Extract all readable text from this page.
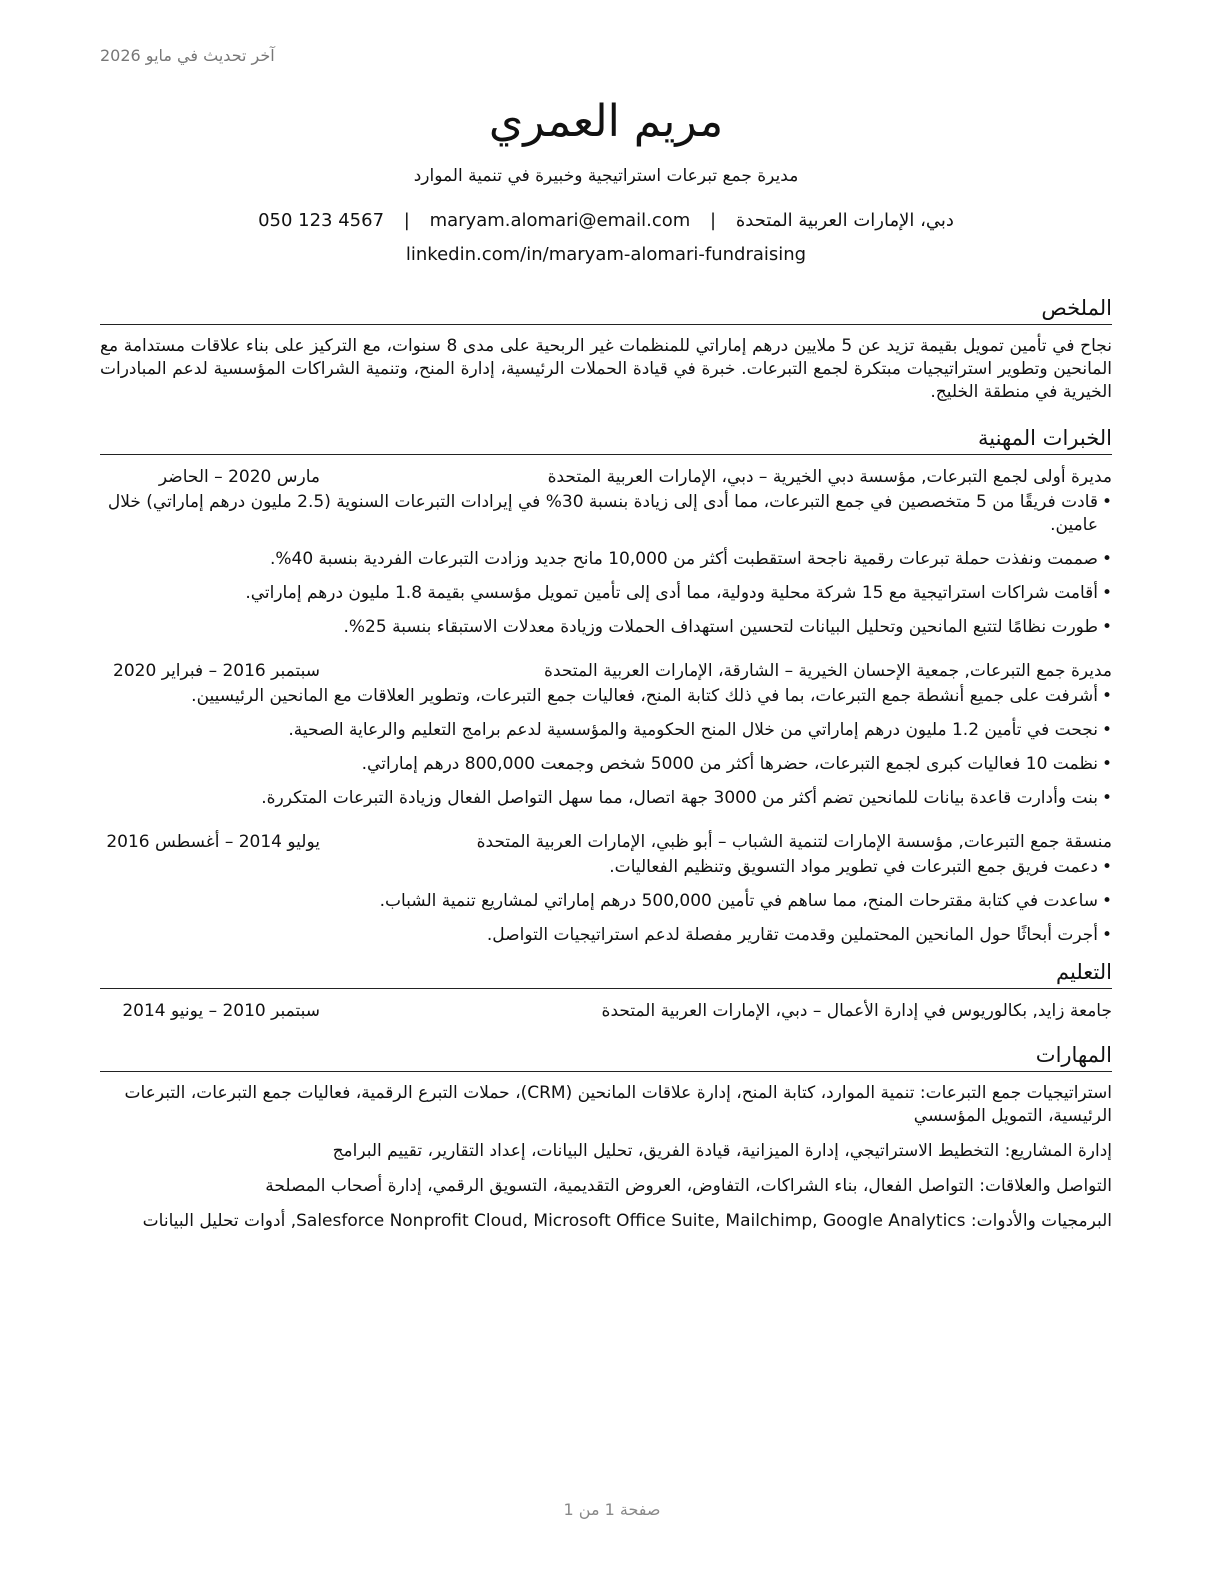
آخر تحديث في مايو 2026
مريم العمري
مديرة جمع تبرعات استراتيجية وخبيرة في تنمية الموارد
دبي، الإمارات العربية المتحدة | maryam.alomari@email.com | 050 123 4567
linkedin.com/in/maryam-alomari-fundraising
الملخص
نجاح في تأمين تمويل بقيمة تزيد عن 5 ملايين درهم إماراتي للمنظمات غير الربحية على مدى 8 سنوات، مع التركيز على بناء علاقات مستدامة مع المانحين وتطوير استراتيجيات مبتكرة لجمع التبرعات. خبرة في قيادة الحملات الرئيسية، إدارة المنح، وتنمية الشراكات المؤسسية لدعم المبادرات الخيرية في منطقة الخليج.
الخبرات المهنية
مديرة أولى لجمع التبرعات, مؤسسة دبي الخيرية – دبي، الإمارات العربية المتحدة
مارس 2020 – الحاضر
•
قادت فريقًا من 5 متخصصين في جمع التبرعات، مما أدى إلى زيادة بنسبة 30% في إيرادات التبرعات السنوية (2.5 مليون درهم إماراتي) خلال عامين.
•
صممت ونفذت حملة تبرعات رقمية ناجحة استقطبت أكثر من 10,000 مانح جديد وزادت التبرعات الفردية بنسبة 40%.
•
أقامت شراكات استراتيجية مع 15 شركة محلية ودولية، مما أدى إلى تأمين تمويل مؤسسي بقيمة 1.8 مليون درهم إماراتي.
•
طورت نظامًا لتتبع المانحين وتحليل البيانات لتحسين استهداف الحملات وزيادة معدلات الاستبقاء بنسبة 25%.
مديرة جمع التبرعات, جمعية الإحسان الخيرية – الشارقة، الإمارات العربية المتحدة
سبتمبر 2016 – فبراير 2020
•
أشرفت على جميع أنشطة جمع التبرعات، بما في ذلك كتابة المنح، فعاليات جمع التبرعات، وتطوير العلاقات مع المانحين الرئيسيين.
•
نجحت في تأمين 1.2 مليون درهم إماراتي من خلال المنح الحكومية والمؤسسية لدعم برامج التعليم والرعاية الصحية.
•
نظمت 10 فعاليات كبرى لجمع التبرعات، حضرها أكثر من 5000 شخص وجمعت 800,000 درهم إماراتي.
•
بنت وأدارت قاعدة بيانات للمانحين تضم أكثر من 3000 جهة اتصال، مما سهل التواصل الفعال وزيادة التبرعات المتكررة.
منسقة جمع التبرعات, مؤسسة الإمارات لتنمية الشباب – أبو ظبي، الإمارات العربية المتحدة
يوليو 2014 – أغسطس 2016
•
دعمت فريق جمع التبرعات في تطوير مواد التسويق وتنظيم الفعاليات.
•
ساعدت في كتابة مقترحات المنح، مما ساهم في تأمين 500,000 درهم إماراتي لمشاريع تنمية الشباب.
•
أجرت أبحاثًا حول المانحين المحتملين وقدمت تقارير مفصلة لدعم استراتيجيات التواصل.
التعليم
جامعة زايد, بكالوريوس في إدارة الأعمال – دبي، الإمارات العربية المتحدة
سبتمبر 2010 – يونيو 2014
المهارات
استراتيجيات جمع التبرعات: تنمية الموارد، كتابة المنح، إدارة علاقات المانحين (CRM)، حملات التبرع الرقمية، فعاليات جمع التبرعات، التبرعات الرئيسية، التمويل المؤسسي
إدارة المشاريع: التخطيط الاستراتيجي، إدارة الميزانية، قيادة الفريق، تحليل البيانات، إعداد التقارير، تقييم البرامج
التواصل والعلاقات: التواصل الفعال، بناء الشراكات، التفاوض، العروض التقديمية، التسويق الرقمي، إدارة أصحاب المصلحة
البرمجيات والأدوات: Salesforce Nonprofit Cloud, Microsoft Office Suite, Mailchimp, Google Analytics, أدوات تحليل البيانات
صفحة 1 من 1
